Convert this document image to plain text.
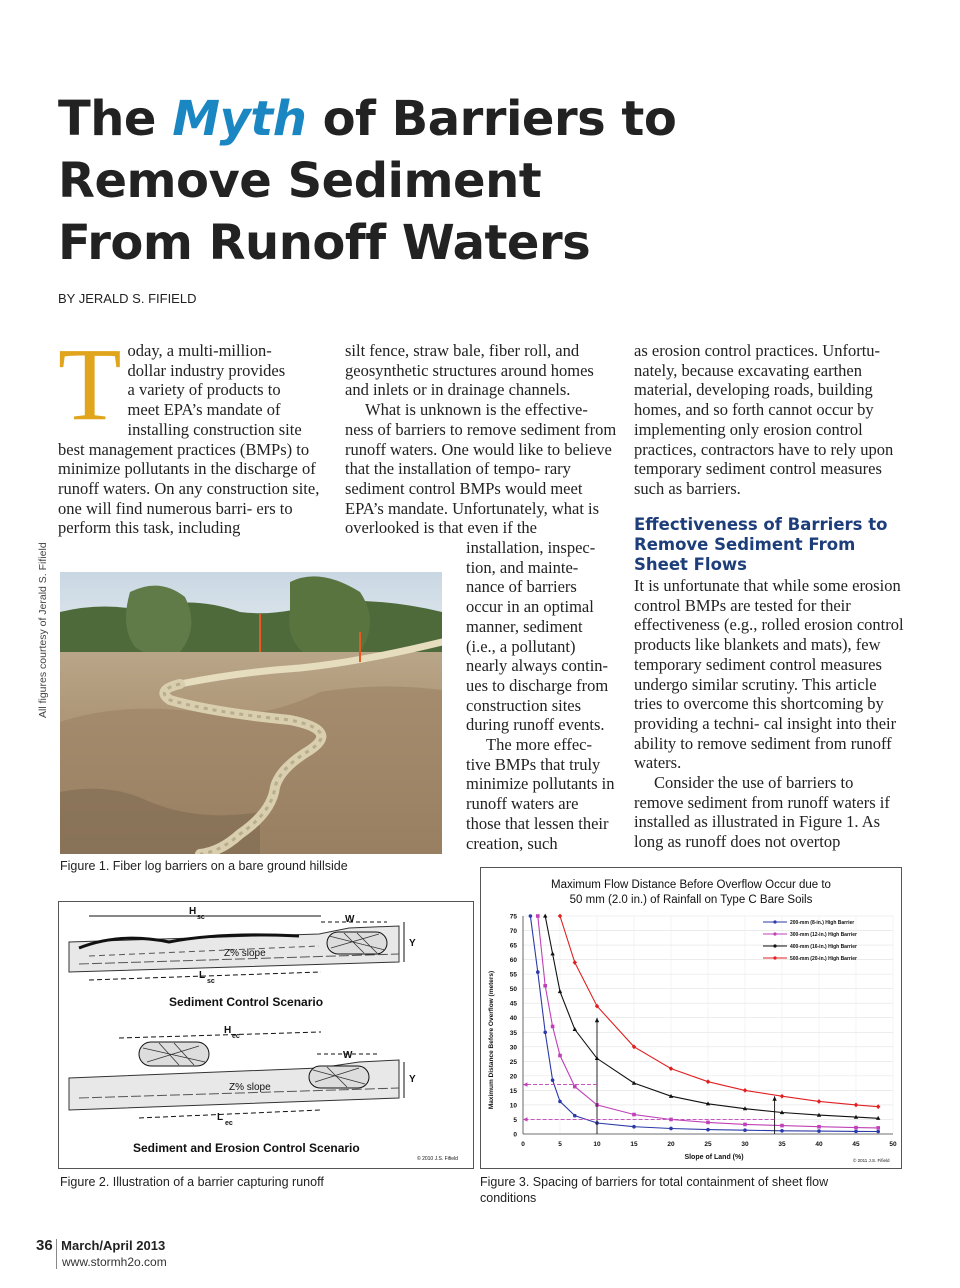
The Myth of Barriers to Remove Sediment From Runoff Waters
BY JERALD S. FIFIELD
T oday, a multi-million-
dollar industry provides
a variety of products to
meet EPA’s mandate of
installing construction site

best management practices (BMPs) to minimize pollutants in the discharge of runoff waters. On any construction site, one will find numerous barri- ers to perform this task, including

silt fence, straw bale, fiber roll, and geosynthetic structures around homes and inlets or in drainage channels.

What is unknown is the effective- ness of barriers to remove sediment from runoff waters. One would like to believe that the installation of tempo- rary sediment control BMPs would meet EPA’s mandate. Unfortunately, what is overlooked is that even if the

installation, inspec- tion, and mainte- nance of barriers occur in an optimal manner, sediment (i.e., a pollutant) nearly always contin- ues to discharge from construction sites during runoff events.

The more effec- tive BMPs that truly minimize pollutants in runoff waters are those that lessen their creation, such

as erosion control practices. Unfortu- nately, because excavating earthen material, developing roads, building homes, and so forth cannot occur by implementing only erosion control practices, contractors have to rely upon temporary sediment control measures such as barriers.

Effectiveness of Barriers to Remove Sediment From Sheet Flows

It is unfortunate that while some erosion control BMPs are tested for their effectiveness (e.g., rolled erosion control products like blankets and mats), few temporary sediment control measures undergo similar scrutiny. This article tries to overcome this shortcoming by providing a techni- cal insight into their ability to remove sediment from runoff waters.

Consider the use of barriers to remove sediment from runoff waters if installed as illustrated in Figure 1. As long as runoff does not overtop

All figures courtesy of Jerald S. Fifield
Figure 1. Fiber log barriers on a bare ground hillside
H
sc	W
Y
Z% slope
L
sc
Sediment Control Scenario
H
ec
W
Y
Z% slope
L
ec
Sediment and Erosion Control Scenario
© 2010 J.S. Fifield
Figure 2. Illustration of a barrier capturing runoff
Maximum Flow Distance Before Overflow Occur due to
50 mm (2.0 in.) of Rainfall on Type C Bare Soils
0
5
10
15
20
25
30
35
40
45
50
55
60
65
70
75
0	5	10	15	20	25	30	35	40	45	50
200-mm (8-in.) High Barrier
300-mm (12-in.) High Barrier
400-mm (16-in.) High Barrier
500-mm (20-in.) High Barrier
Slope of Land (%)
Maximum Distance Before Overflow (meters)
© 2011 J.S. Fifield
Figure 3. Spacing of barriers for total containment of sheet flow conditions
36 March/April 2013
www.stormh2o.com
